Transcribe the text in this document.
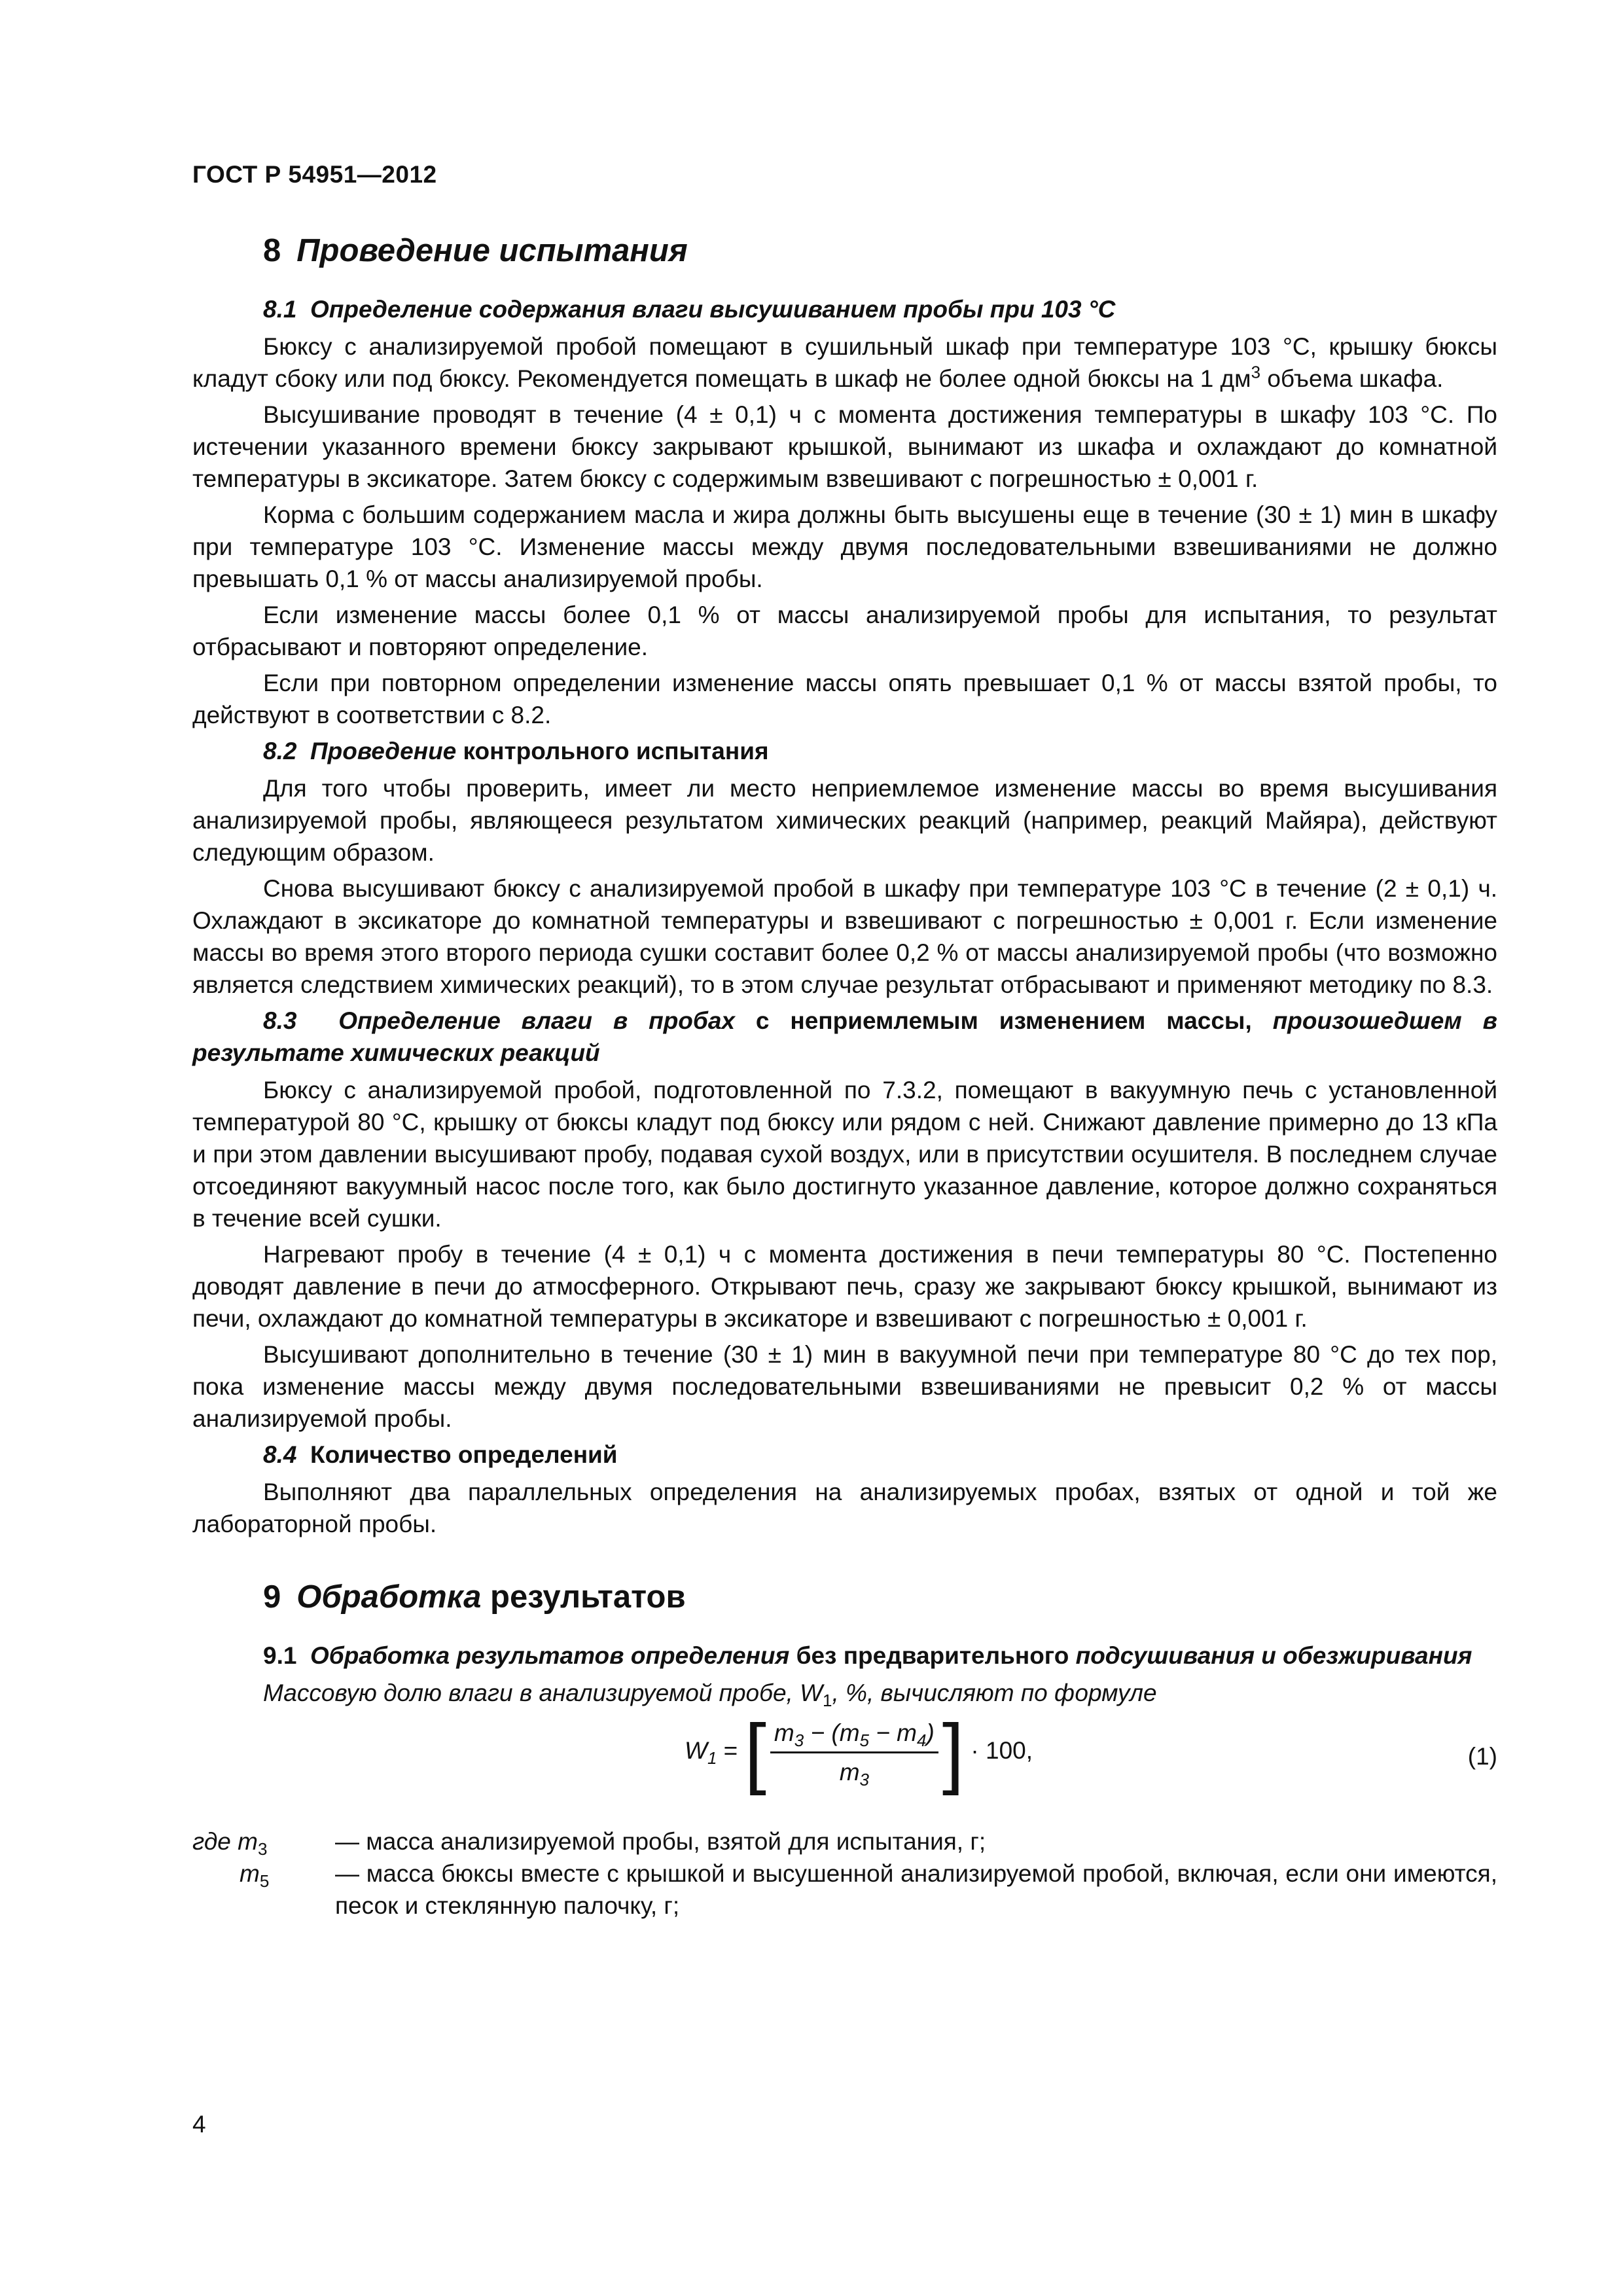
ГОСТ Р 54951—2012
8 Проведение испытания
8.1 Определение содержания влаги высушиванием пробы при 103 °С

Бюксу с анализируемой пробой помещают в сушильный шкаф при температуре 103 °С, крышку бюксы кладут сбоку или под бюксу. Рекомендуется помещать в шкаф не более одной бюксы на 1 $дм^3$ объема шкафа.

Высушивание проводят в течение (4 ± 0,1) ч с момента достижения температуры в шкафу 103 °С. По истечении указанного времени бюксу закрывают крышкой, вынимают из шкафа и охлаждают до комнатной температуры в эксикаторе. Затем бюксу с содержимым взвешивают с погрешностью ± 0,001 г.

Корма с большим содержанием масла и жира должны быть высушены еще в течение (30 ± 1) мин в шкафу при температуре 103 °С. Изменение массы между двумя последовательными взвешиваниями не должно превышать 0,1 % от массы анализируемой пробы.

Если изменение массы более 0,1 % от массы анализируемой пробы для испытания, то результат отбрасывают и повторяют определение.

Если при повторном определении изменение массы опять превышает 0,1 % от массы взятой пробы, то действуют в соответствии с 8.2.

8.2 Проведение контрольного испытания

Для того чтобы проверить, имеет ли место неприемлемое изменение массы во время высушивания анализируемой пробы, являющееся результатом химических реакций (например, реакций Майяра), действуют следующим образом.

Снова высушивают бюксу с анализируемой пробой в шкафу при температуре 103 °С в течение (2 ± 0,1) ч. Охлаждают в эксикаторе до комнатной температуры и взвешивают с погрешностью ± 0,001 г. Если изменение массы во время этого второго периода сушки составит более 0,2 % от массы анализируемой пробы (что возможно является следствием химических реакций), то в этом случае результат отбрасывают и применяют методику по 8.3.

8.3 Определение влаги в пробах с неприемлемым изменением массы, произошедшем в результате химических реакций

Бюксу с анализируемой пробой, подготовленной по 7.3.2, помещают в вакуумную печь с установленной температурой 80 °С, крышку от бюксы кладут под бюксу или рядом с ней. Снижают давление примерно до 13 кПа и при этом давлении высушивают пробу, подавая сухой воздух, или в присутствии осушителя. В последнем случае отсоединяют вакуумный насос после того, как было достигнуто указанное давление, которое должно сохраняться в течение всей сушки.

Нагревают пробу в течение (4 ± 0,1) ч с момента достижения в печи температуры 80 °С. Постепенно доводят давление в печи до атмосферного. Открывают печь, сразу же закрывают бюксу крышкой, вынимают из печи, охлаждают до комнатной температуры в эксикаторе и взвешивают с погрешностью ± 0,001 г.

Высушивают дополнительно в течение (30 ± 1) мин в вакуумной печи при температуре 80 °С до тех пор, пока изменение массы между двумя последовательными взвешиваниями не превысит 0,2 % от массы анализируемой пробы.

8.4 Количество определений

Выполняют два параллельных определения на анализируемых пробах, взятых от одной и той же лабораторной пробы.

9 Обработка результатов
9.1 Обработка результатов определения без предварительного подсушивания и обезжиривания

Массовую долю влаги в анализируемой пробе, $W_1$, %, вычисляют по формуле

$W_1$ = [ $\frac{m_3 - (m_5 - m_4)}{m_3}$ ] · 100,	(1)
где $m_3$	— масса анализируемой пробы, взятой для испытания, г;
$m_5$	— масса бюксы вместе с крышкой и высушенной анализируемой пробой, включая, если они имеются, песок и стеклянную палочку, г;
4
